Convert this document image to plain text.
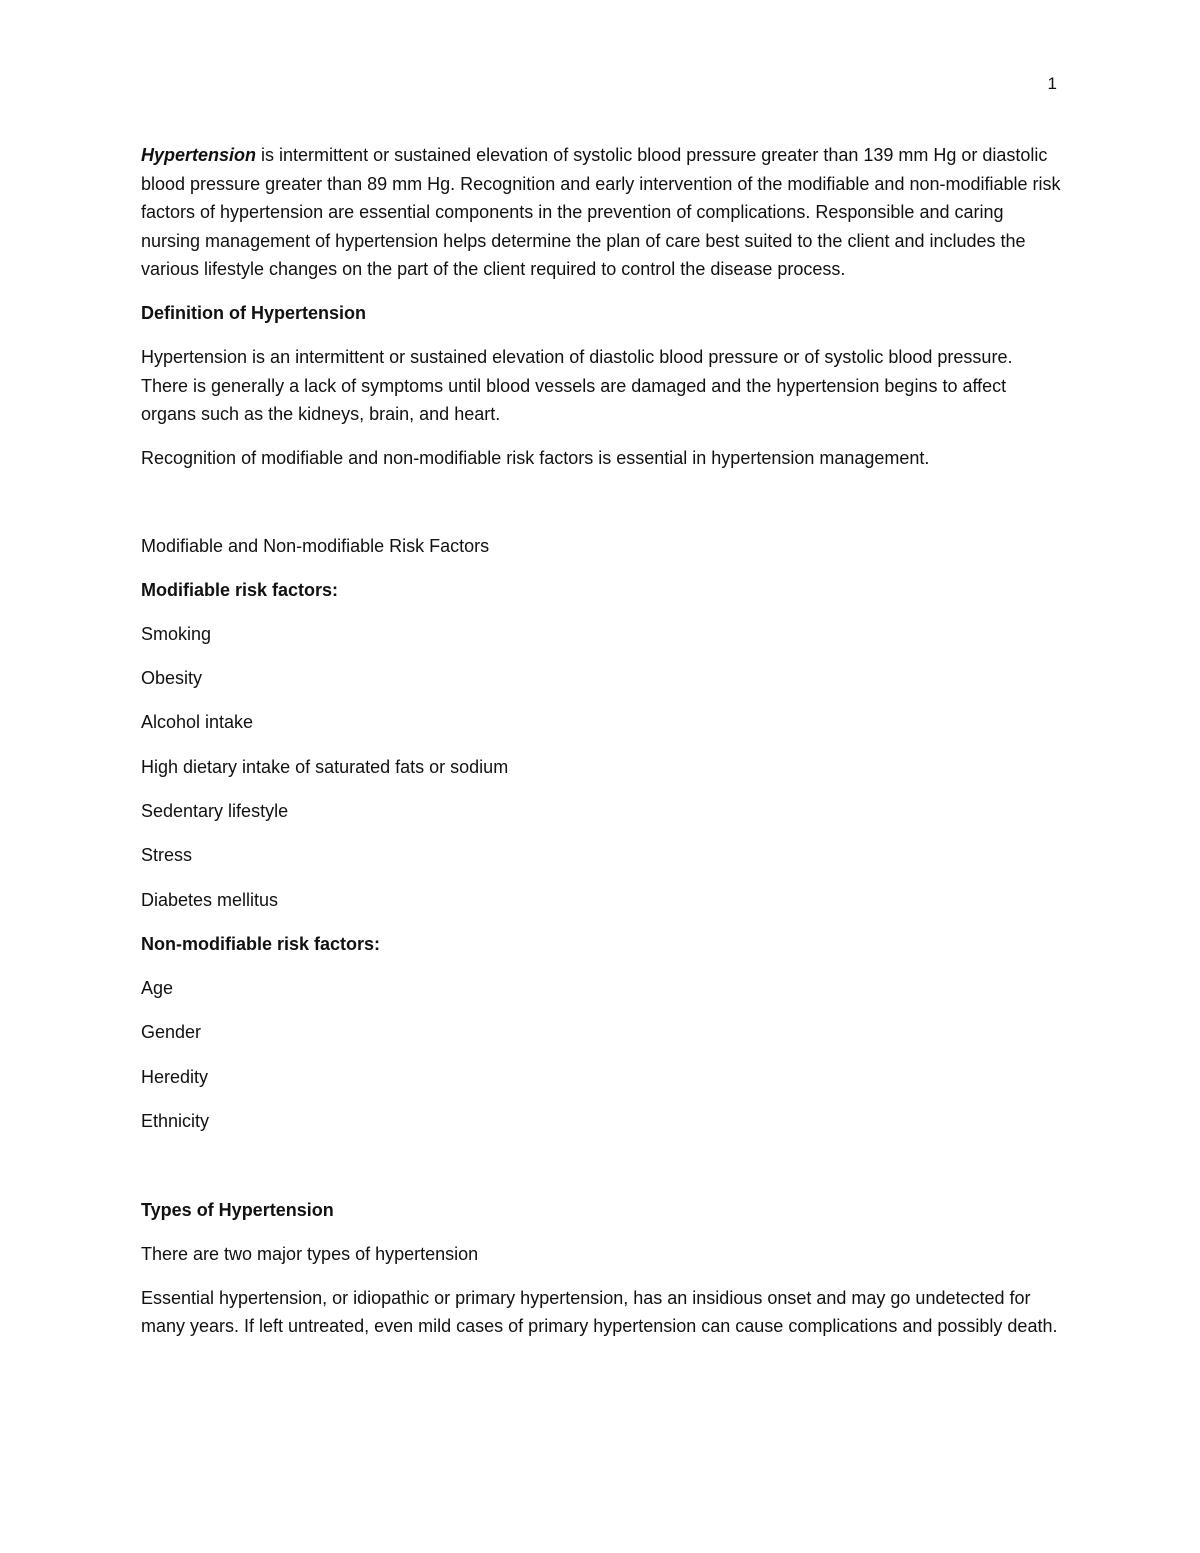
1

Hypertension is intermittent or sustained elevation of systolic blood pressure greater than 139 mm Hg or diastolic blood pressure greater than 89 mm Hg. Recognition and early intervention of the modifiable and non-modifiable risk factors of hypertension are essential components in the prevention of complications. Responsible and caring nursing management of hypertension helps determine the plan of care best suited to the client and includes the various lifestyle changes on the part of the client required to control the disease process.

Definition of Hypertension

Hypertension is an intermittent or sustained elevation of diastolic blood pressure or of systolic blood pressure. There is generally a lack of symptoms until blood vessels are damaged and the hypertension begins to affect organs such as the kidneys, brain, and heart.

Recognition of modifiable and non-modifiable risk factors is essential in hypertension management.

Modifiable and Non-modifiable Risk Factors

Modifiable risk factors:

Smoking

Obesity

Alcohol intake

High dietary intake of saturated fats or sodium

Sedentary lifestyle

Stress

Diabetes mellitus

Non-modifiable risk factors:

Age

Gender

Heredity

Ethnicity

Types of Hypertension

There are two major types of hypertension

Essential hypertension, or idiopathic or primary hypertension, has an insidious onset and may go undetected for many years. If left untreated, even mild cases of primary hypertension can cause complications and possibly death.
